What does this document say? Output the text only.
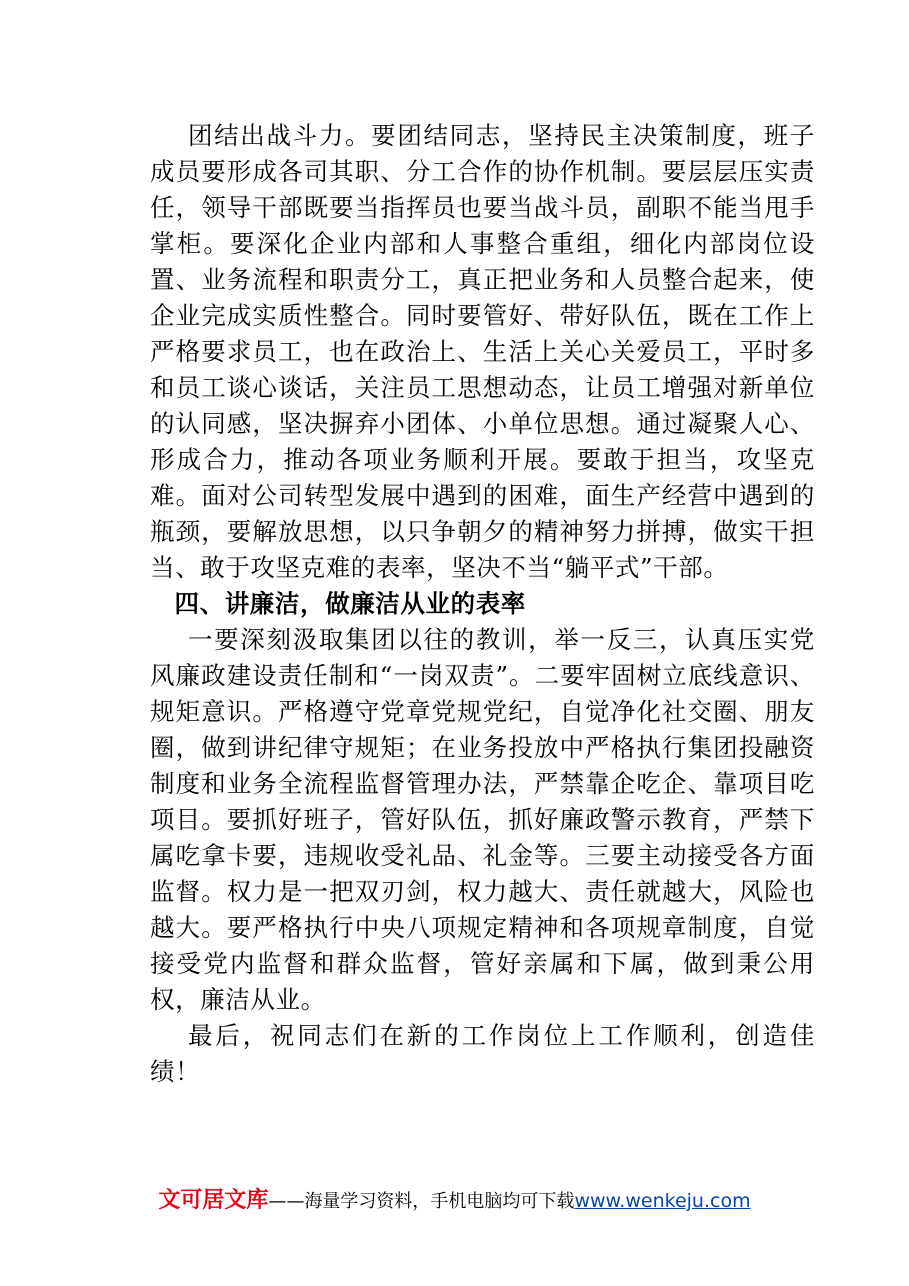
团结出战斗力。要团结同志，坚持民主决策制度，班子成员要形成各司其职、分工合作的协作机制。要层层压实责任，领导干部既要当指挥员也要当战斗员，副职不能当甩手掌柜。要深化企业内部和人事整合重组，细化内部岗位设置、业务流程和职责分工，真正把业务和人员整合起来，使企业完成实质性整合。同时要管好、带好队伍，既在工作上严格要求员工，也在政治上、生活上关心关爱员工，平时多和员工谈心谈话，关注员工思想动态，让员工增强对新单位的认同感，坚决摒弃小团体、小单位思想。通过凝聚人心、形成合力，推动各项业务顺利开展。要敢于担当，攻坚克难。面对公司转型发展中遇到的困难，面生产经营中遇到的瓶颈，要解放思想，以只争朝夕的精神努力拼搏，做实干担当、敢于攻坚克难的表率，坚决不当“躺平式”干部。

四、讲廉洁，做廉洁从业的表率

一要深刻汲取集团以往的教训，举一反三，认真压实党风廉政建设责任制和“一岗双责”。二要牢固树立底线意识、规矩意识。严格遵守党章党规党纪，自觉净化社交圈、朋友圈，做到讲纪律守规矩；在业务投放中严格执行集团投融资制度和业务全流程监督管理办法，严禁靠企吃企、靠项目吃项目。要抓好班子，管好队伍，抓好廉政警示教育，严禁下属吃拿卡要，违规收受礼品、礼金等。三要主动接受各方面监督。权力是一把双刃剑，权力越大、责任就越大，风险也越大。要严格执行中央八项规定精神和各项规章制度，自觉接受党内监督和群众监督，管好亲属和下属，做到秉公用权，廉洁从业。

最后，祝同志们在新的工作岗位上工作顺利，创造佳绩！

文可居文库——海量学习资料，手机电脑均可下载www.wenkeju.com
